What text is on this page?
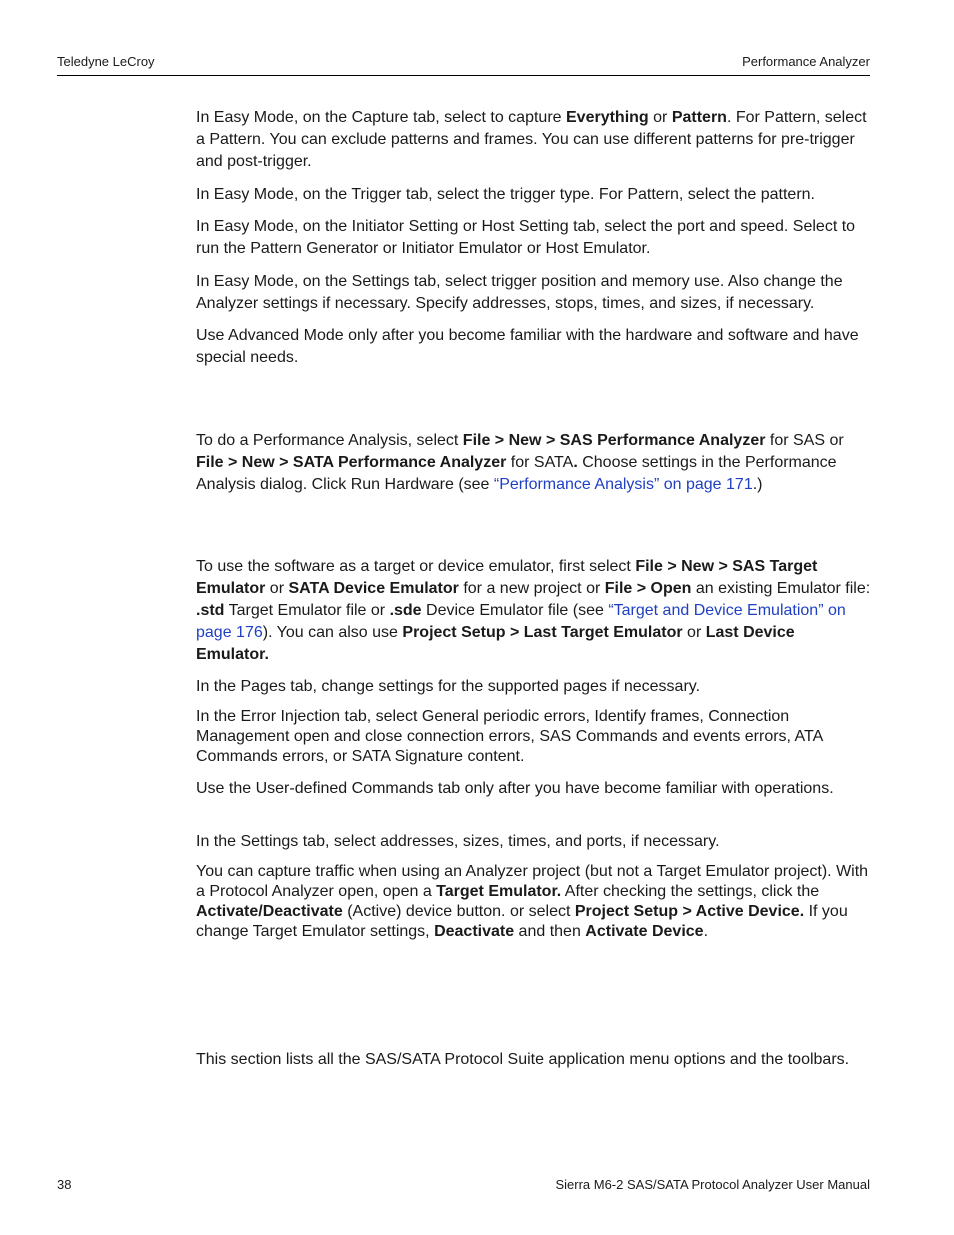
Teledyne LeCroy	Performance Analyzer

In Easy Mode, on the Capture tab, select to capture Everything or Pattern. For Pattern, select a Pattern. You can exclude patterns and frames. You can use different patterns for pre-trigger and post-trigger.

In Easy Mode, on the Trigger tab, select the trigger type. For Pattern, select the pattern.

In Easy Mode, on the Initiator Setting or Host Setting tab, select the port and speed. Select to run the Pattern Generator or Initiator Emulator or Host Emulator.

In Easy Mode, on the Settings tab, select trigger position and memory use. Also change the Analyzer settings if necessary. Specify addresses, stops, times, and sizes, if necessary.

Use Advanced Mode only after you become familiar with the hardware and software and have special needs.

To do a Performance Analysis, select File > New > SAS Performance Analyzer for SAS or File > New > SATA Performance Analyzer for SATA. Choose settings in the Performance Analysis dialog. Click Run Hardware (see “Performance Analysis” on page 171.)

To use the software as a target or device emulator, first select File > New > SAS Target Emulator or SATA Device Emulator for a new project or File > Open an existing Emulator file: .std Target Emulator file or .sde Device Emulator file (see “Target and Device Emulation” on page 176). You can also use Project Setup > Last Target Emulator or Last Device Emulator.

In the Pages tab, change settings for the supported pages if necessary.

In the Error Injection tab, select General periodic errors, Identify frames, Connection Management open and close connection errors, SAS Commands and events errors, ATA Commands errors, or SATA Signature content.

Use the User-defined Commands tab only after you have become familiar with operations.

In the Settings tab, select addresses, sizes, times, and ports, if necessary.

You can capture traffic when using an Analyzer project (but not a Target Emulator project). With a Protocol Analyzer open, open a Target Emulator. After checking the settings, click the Activate/Deactivate (Active) device button. or select Project Setup > Active Device. If you change Target Emulator settings, Deactivate and then Activate Device.

This section lists all the SAS/SATA Protocol Suite application menu options and the toolbars.

38	Sierra M6-2 SAS/SATA Protocol Analyzer User Manual
